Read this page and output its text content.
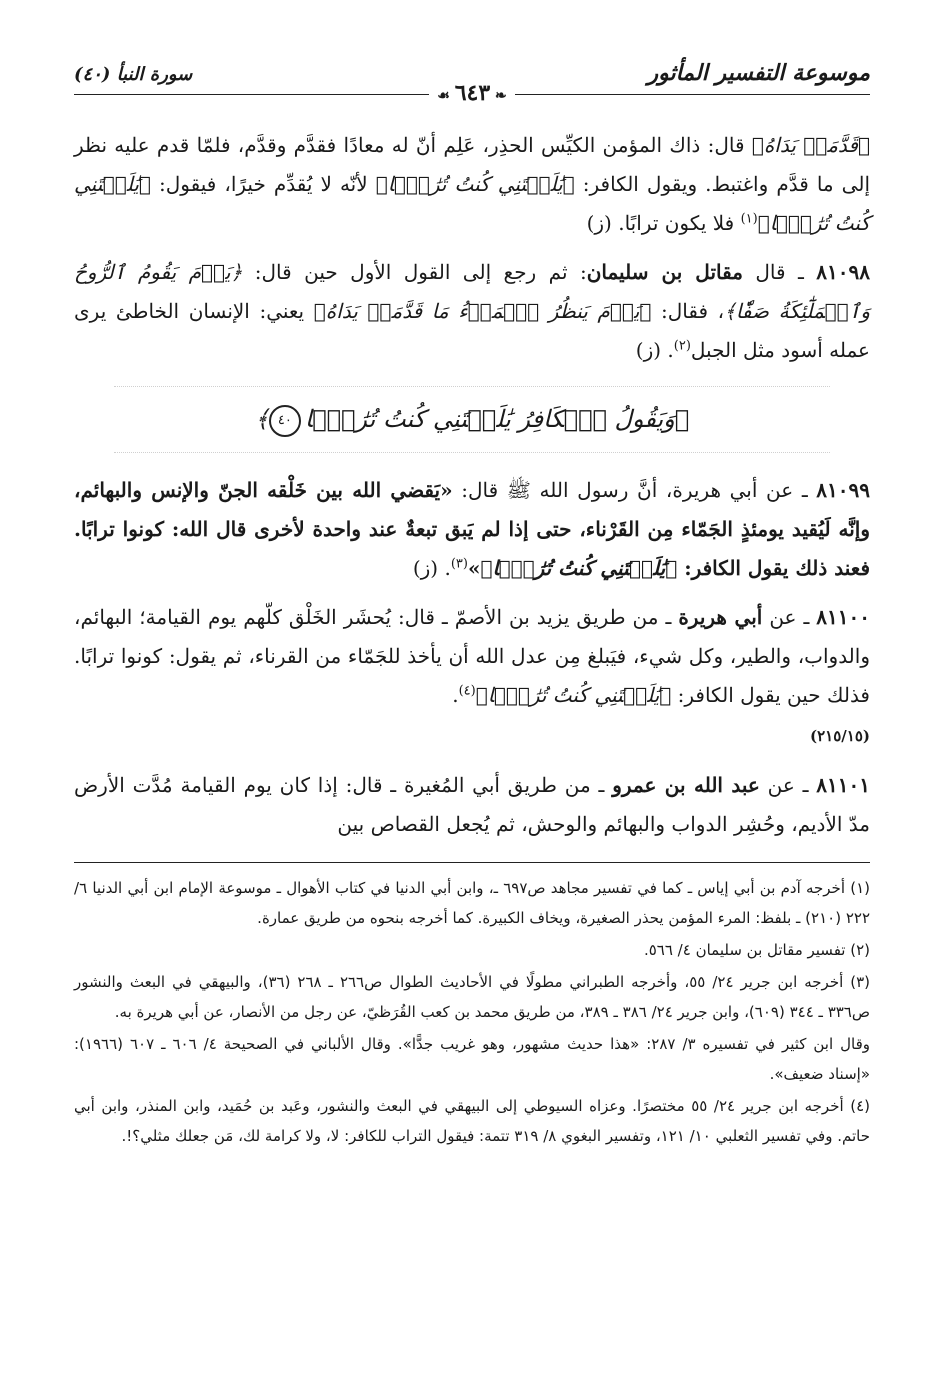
موسوعة التفسير المأثور
سورة النبأ (٤٠)
❧ ٦٤٣ ☙

﴿قَدَّمَتۡ يَدَاهُ﴾ قال: ذاك المؤمن الكيِّس الحذِر، عَلِم أنّ له معادًا فقدَّم وقدَّم، فلمّا قدم عليه نظر إلى ما قدَّم واغتبط. ويقول الكافر: ﴿يَٰلَيۡتَنِي كُنتُ تُرَٰبَۢا﴾ لأنّه لا يُقدِّم خيرًا، فيقول: ﴿يَٰلَيۡتَنِي كُنتُ تُرَٰبَۢا﴾$^{(١)}$ فلا يكون ترابًا. (ز)

٨١٠٩٨ ـ قال مقاتل بن سليمان: ثم رجع إلى القول الأول حين قال: ﴿يَوۡمَ يَقُومُ ٱلرُّوحُ وَٱلۡمَلَٰٓئِكَةُ صَفّٗا﴾، فقال: ﴿يَوۡمَ يَنظُرُ ٱلۡمَرۡءُ مَا قَدَّمَتۡ يَدَاهُ﴾ يعني: الإنسان الخاطئ يرى عمله أسود مثل الجبل$^{(٢)}$. (ز)

﴿وَيَقُولُ ٱلۡكَافِرُ يَٰلَيۡتَنِي كُنتُ تُرَٰبَۢا٤٠﴾

٨١٠٩٩ ـ عن أبي هريرة، أنَّ رسول الله ﷺ قال: «يَقضي الله بين خَلْقه الجنّ والإنس والبهائم، وإنَّه لَيُقيد يومئذٍ الجَمّاء مِن القَرْناء، حتى إذا لم يَبق تبعةٌ عند واحدة لأخرى قال الله: كونوا ترابًا. فعند ذلك يقول الكافر: ﴿يَٰلَيۡتَنِي كُنتُ تُرَٰبَۢا﴾»$^{(٣)}$. (ز)

٨١١٠٠ ـ عن أبي هريرة ـ من طريق يزيد بن الأصمّ ـ قال: يُحشَر الخَلْق كلّهم يوم القيامة؛ البهائم، والدواب، والطير، وكل شيء، فيَبلغ مِن عدل الله أن يأخذ للجَمّاء من القرناء، ثم يقول: كونوا ترابًا. فذلك حين يقول الكافر: ﴿يَٰلَيۡتَنِي كُنتُ تُرَٰبَۢا﴾$^{(٤)}$.
(٢١٥/١٥)

٨١١٠١ ـ عن عبد الله بن عمرو ـ من طريق أبي المُغيرة ـ قال: إذا كان يوم القيامة مُدَّت الأرض مدّ الأديم، وحُشِر الدواب والبهائم والوحش، ثم يُجعل القصاص بين

(١) أخرجه آدم بن أبي إياس ـ كما في تفسير مجاهد ص٦٩٧ ـ، وابن أبي الدنيا في كتاب الأهوال ـ موسوعة الإمام ابن أبي الدنيا ٦/ ٢٢٢ (٢١٠) ـ بلفظ: المرء المؤمن يحذر الصغيرة، ويخاف الكبيرة. كما أخرجه بنحوه من طريق عمارة.

(٢) تفسير مقاتل بن سليمان ٤/ ٥٦٦.

(٣) أخرجه ابن جرير ٢٤/ ٥٥، وأخرجه الطبراني مطولًا في الأحاديث الطوال ص٢٦٦ ـ ٢٦٨ (٣٦)، والبيهقي في البعث والنشور ص٣٣٦ ـ ٣٤٤ (٦٠٩)، وابن جرير ٢٤/ ٣٨٦ ـ ٣٨٩، من طريق محمد بن كعب القُرَظيّ، عن رجل من الأنصار، عن أبي هريرة به.

وقال ابن كثير في تفسيره ٣/ ٢٨٧: «هذا حديث مشهور، وهو غريب جدًّا». وقال الألباني في الصحيحة ٤/ ٦٠٦ ـ ٦٠٧ (١٩٦٦): «إسناد ضعيف».

(٤) أخرجه ابن جرير ٢٤/ ٥٥ مختصرًا. وعزاه السيوطي إلى البيهقي في البعث والنشور، وعَبد بن حُمَيد، وابن المنذر، وابن أبي حاتم. وفي تفسير الثعلبي ١٠/ ١٢١، وتفسير البغوي ٨/ ٣١٩ تتمة: فيقول التراب للكافر: لا، ولا كرامة لك، مَن جعلك مثلي؟!.
